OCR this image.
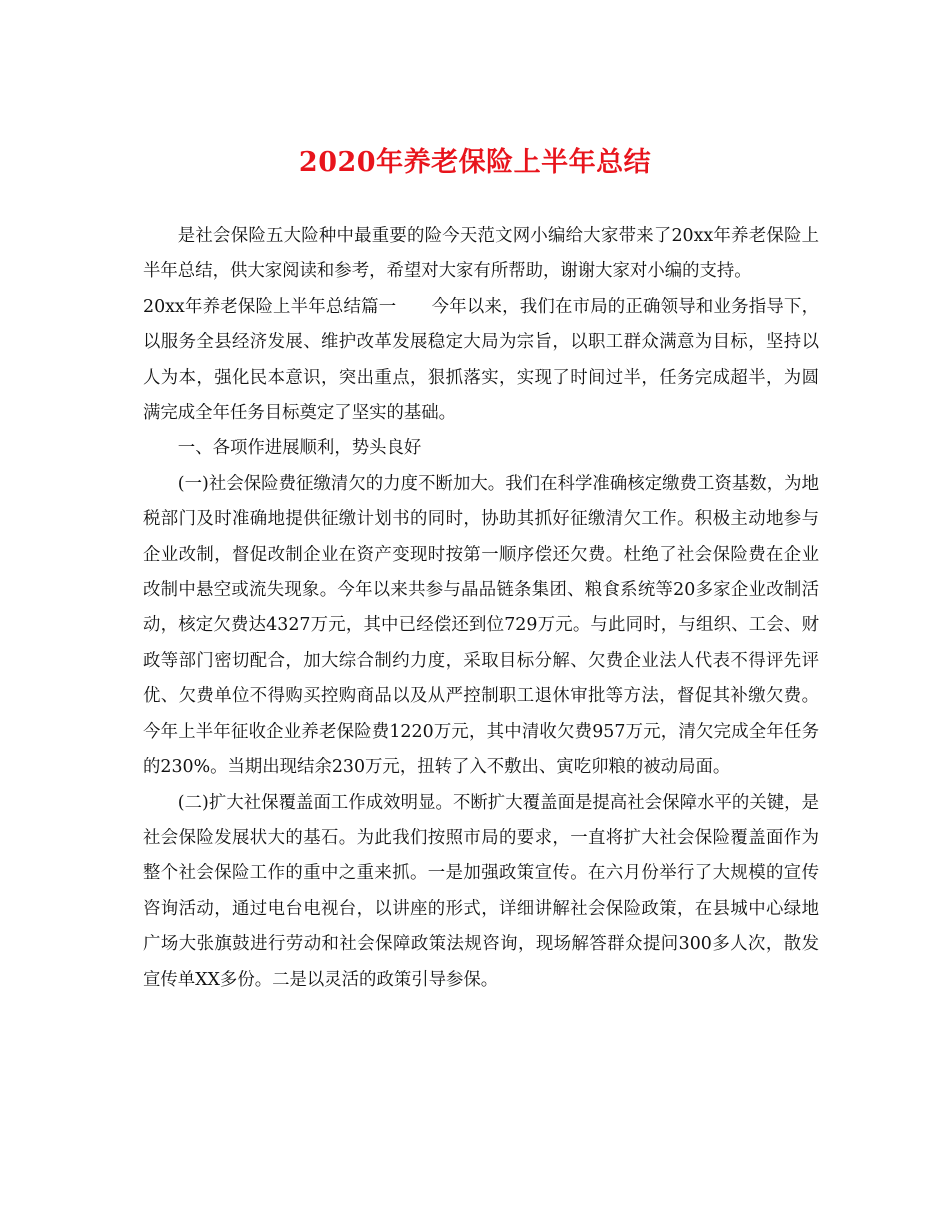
2020年养老保险上半年总结

是社会保险五大险种中最重要的险今天范文网小编给大家带来了20xx年养老保险上半年总结，供大家阅读和参考，希望对大家有所帮助，谢谢大家对小编的支持。

20xx年养老保险上半年总结篇一　　今年以来，我们在市局的正确领导和业务指导下，以服务全县经济发展、维护改革发展稳定大局为宗旨，以职工群众满意为目标，坚持以人为本，强化民本意识，突出重点，狠抓落实，实现了时间过半，任务完成超半，为圆满完成全年任务目标奠定了坚实的基础。

一、各项作进展顺利，势头良好

(一)社会保险费征缴清欠的力度不断加大。我们在科学准确核定缴费工资基数，为地税部门及时准确地提供征缴计划书的同时，协助其抓好征缴清欠工作。积极主动地参与企业改制，督促改制企业在资产变现时按第一顺序偿还欠费。杜绝了社会保险费在企业改制中悬空或流失现象。今年以来共参与晶品链条集团、粮食系统等20多家企业改制活动，核定欠费达4327万元，其中已经偿还到位729万元。与此同时，与组织、工会、财政等部门密切配合，加大综合制约力度，采取目标分解、欠费企业法人代表不得评先评优、欠费单位不得购买控购商品以及从严控制职工退休审批等方法，督促其补缴欠费。今年上半年征收企业养老保险费1220万元，其中清收欠费957万元，清欠完成全年任务的230%。当期出现结余230万元，扭转了入不敷出、寅吃卯粮的被动局面。

(二)扩大社保覆盖面工作成效明显。不断扩大覆盖面是提高社会保障水平的关键，是社会保险发展状大的基石。为此我们按照市局的要求，一直将扩大社会保险覆盖面作为整个社会保险工作的重中之重来抓。一是加强政策宣传。在六月份举行了大规模的宣传咨询活动，通过电台电视台，以讲座的形式，详细讲解社会保险政策，在县城中心绿地广场大张旗鼓进行劳动和社会保障政策法规咨询，现场解答群众提问300多人次，散发宣传单XX多份。二是以灵活的政策引导参保。
